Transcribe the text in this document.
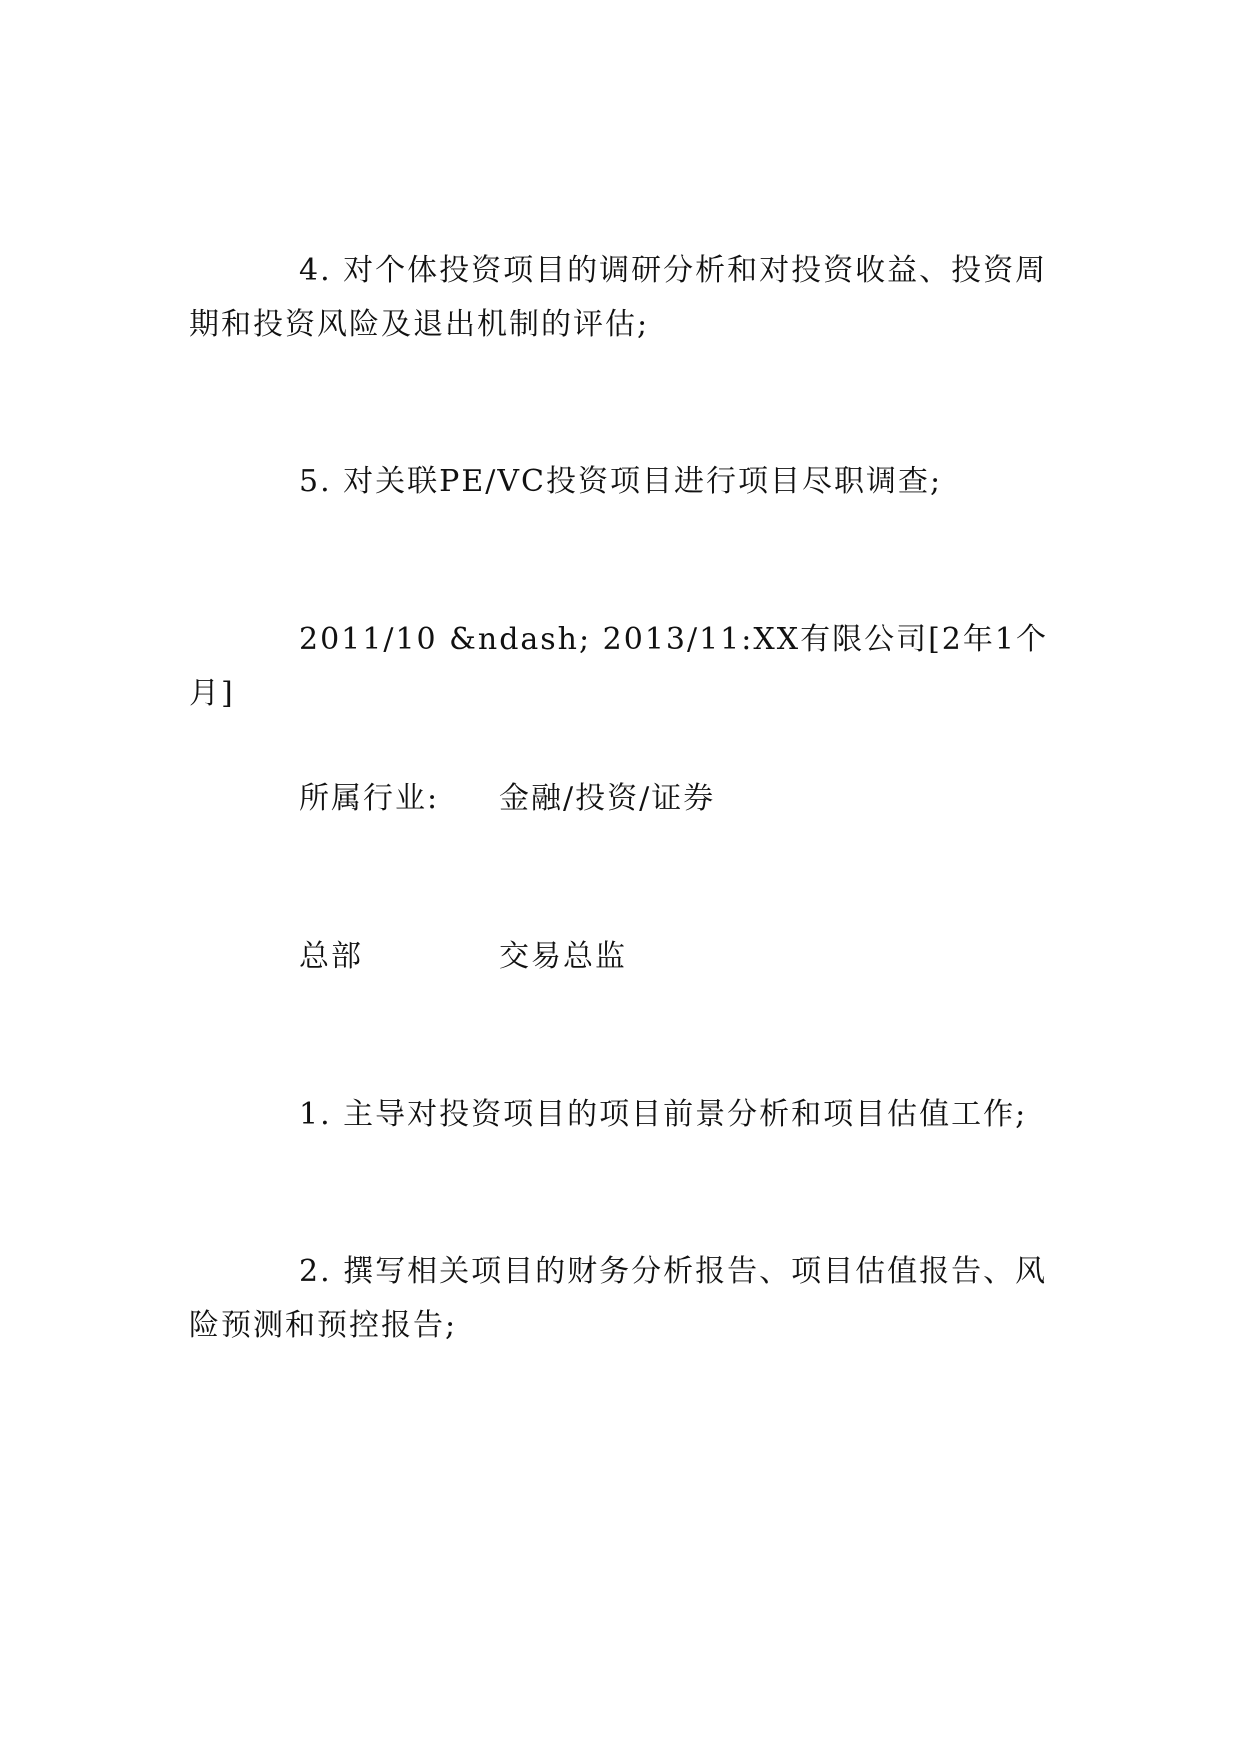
4. 对个体投资项目的调研分析和对投资收益、投资周期和投资风险及退出机制的评估;

5. 对关联PE/VC投资项目进行项目尽职调查;

2011/10 &ndash; 2013/11:XX有限公司[2年1个月]

所属行业: 金融/投资/证券

总部	交易总监

1. 主导对投资项目的项目前景分析和项目估值工作;

2. 撰写相关项目的财务分析报告、项目估值报告、风险预测和预控报告;
